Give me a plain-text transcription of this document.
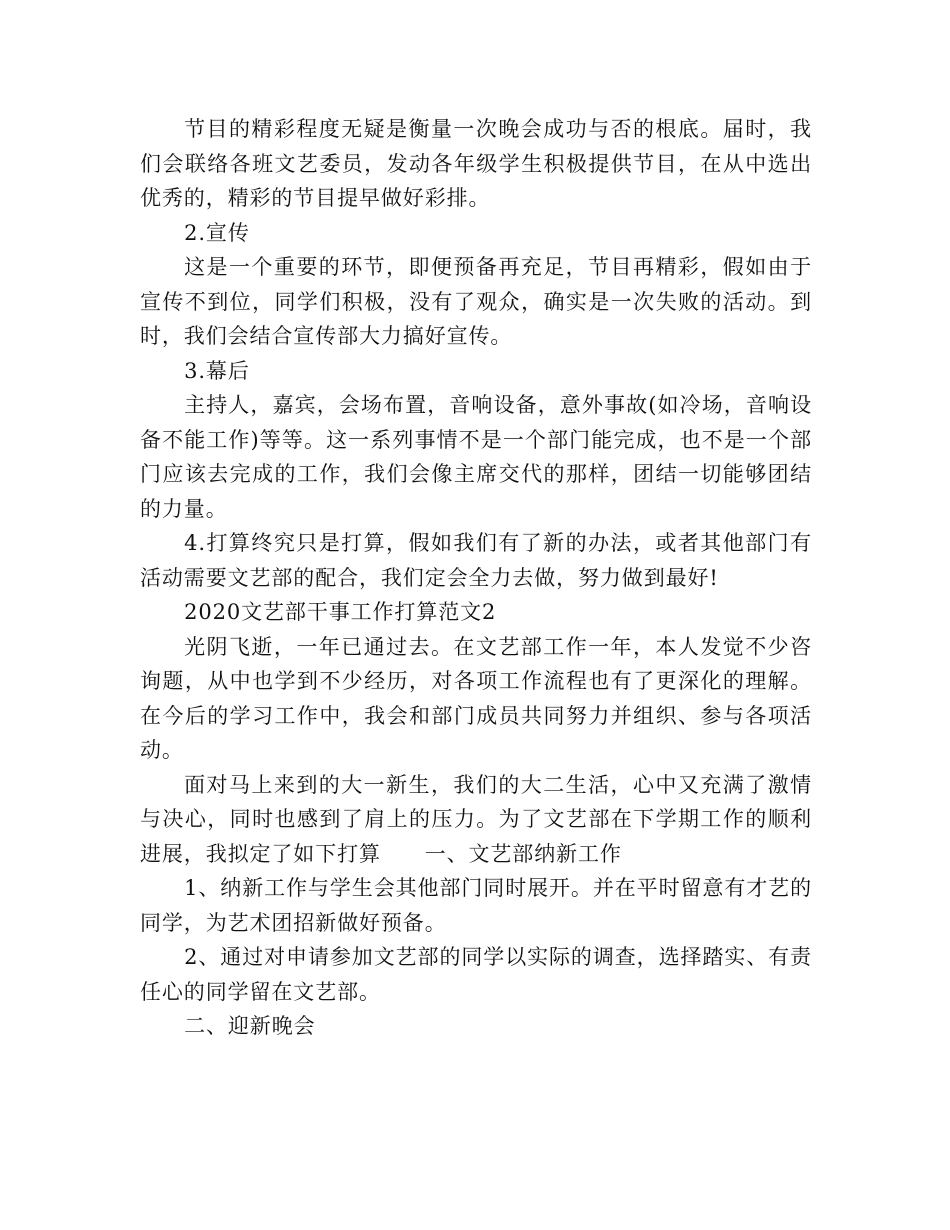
节目的精彩程度无疑是衡量一次晚会成功与否的根底。届时，我们会联络各班文艺委员，发动各年级学生积极提供节目，在从中选出优秀的，精彩的节目提早做好彩排。

2.宣传

这是一个重要的环节，即便预备再充足，节目再精彩，假如由于宣传不到位，同学们积极，没有了观众，确实是一次失败的活动。到时，我们会结合宣传部大力搞好宣传。

3.幕后

主持人，嘉宾，会场布置，音响设备，意外事故(如冷场，音响设备不能工作)等等。这一系列事情不是一个部门能完成，也不是一个部门应该去完成的工作，我们会像主席交代的那样，团结一切能够团结的力量。

4.打算终究只是打算，假如我们有了新的办法，或者其他部门有活动需要文艺部的配合，我们定会全力去做，努力做到最好!

2020文艺部干事工作打算范文2

光阴飞逝，一年已通过去。在文艺部工作一年，本人发觉不少咨询题，从中也学到不少经历，对各项工作流程也有了更深化的理解。在今后的学习工作中，我会和部门成员共同努力并组织、参与各项活动。

面对马上来到的大一新生，我们的大二生活，心中又充满了激情与决心，同时也感到了肩上的压力。为了文艺部在下学期工作的顺利进展，我拟定了如下打算　　一、文艺部纳新工作

1、纳新工作与学生会其他部门同时展开。并在平时留意有才艺的同学，为艺术团招新做好预备。

2、通过对申请参加文艺部的同学以实际的调查，选择踏实、有责任心的同学留在文艺部。

二、迎新晚会
